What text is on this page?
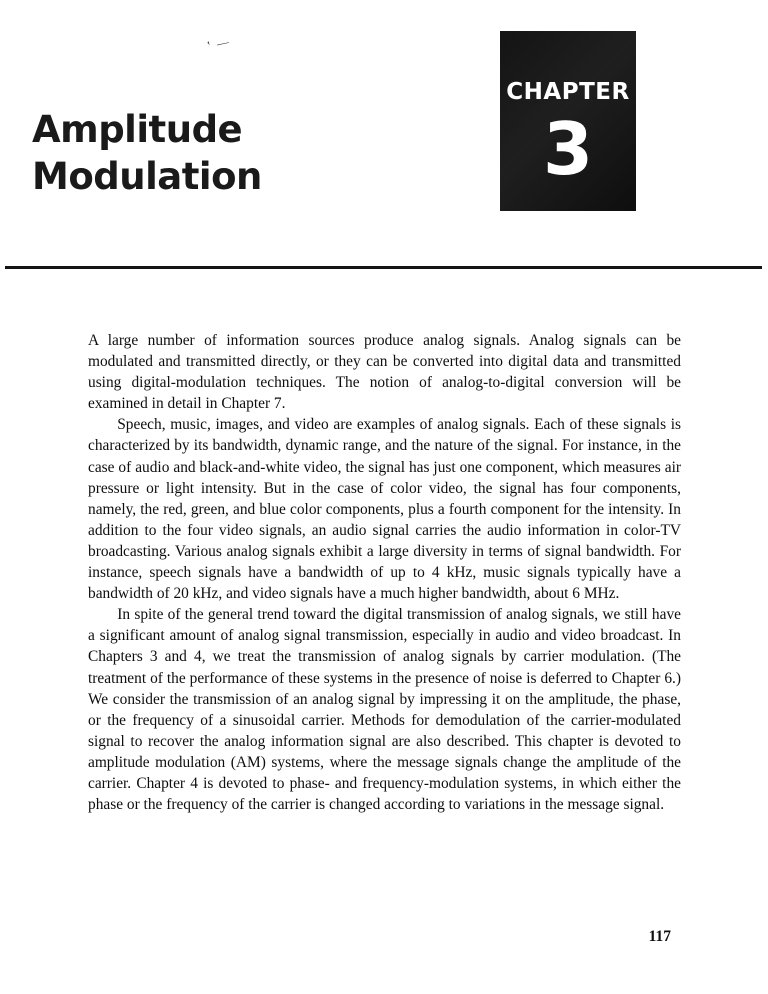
‛—
CHAPTER
3
Amplitude
Modulation

A large number of information sources produce analog signals. Analog signals can be modulated and transmitted directly, or they can be converted into digital data and transmitted using digital-modulation techniques. The notion of analog-to-digital conversion will be examined in detail in Chapter 7.

Speech, music, images, and video are examples of analog signals. Each of these signals is characterized by its bandwidth, dynamic range, and the nature of the signal. For instance, in the case of audio and black-and-white video, the signal has just one component, which measures air pressure or light intensity. But in the case of color video, the signal has four components, namely, the red, green, and blue color components, plus a fourth component for the intensity. In addition to the four video signals, an audio signal carries the audio information in color-TV broadcasting. Various analog signals exhibit a large diversity in terms of signal bandwidth. For instance, speech signals have a bandwidth of up to 4 kHz, music signals typically have a bandwidth of 20 kHz, and video signals have a much higher bandwidth, about 6 MHz.

In spite of the general trend toward the digital transmission of analog signals, we still have a significant amount of analog signal transmission, especially in audio and video broadcast. In Chapters 3 and 4, we treat the transmission of analog signals by carrier modulation. (The treatment of the performance of these systems in the presence of noise is deferred to Chapter 6.) We consider the transmission of an analog signal by impressing it on the amplitude, the phase, or the frequency of a sinusoidal carrier. Methods for demodulation of the carrier-modulated signal to recover the analog information signal are also described. This chapter is devoted to amplitude modulation (AM) systems, where the message signals change the amplitude of the carrier. Chapter 4 is devoted to phase- and frequency-modulation systems, in which either the phase or the frequency of the carrier is changed according to variations in the message signal.

117
